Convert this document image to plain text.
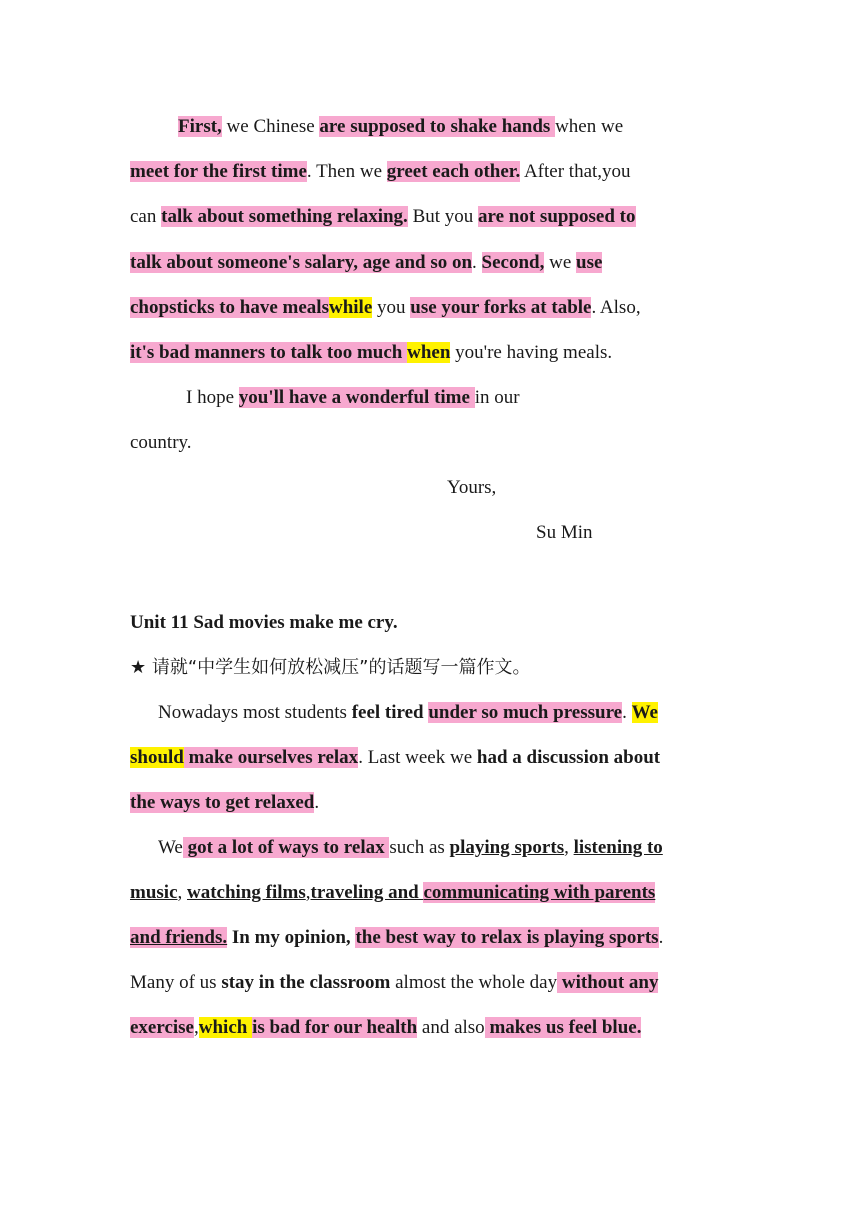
First, we Chinese are supposed to shake hands when we
meet for the first time. Then we greet each other. After that,you
can talk about something relaxing. But you are not supposed to
talk about someone's salary, age and so on. Second, we use
chopsticks to have mealswhile you use your forks at table. Also,
it's bad manners to talk too much when you're having meals.
I hope you'll have a wonderful time in our
country.
Yours,
Su Min
Unit 11 Sad movies make me cry.
★ 请就“中学生如何放松减压”的话题写一篇作文。
Nowadays most students feel tired under so much pressure. We
should make ourselves relax. Last week we had a discussion about
the ways to get relaxed.
We got a lot of ways to relax such as playing sports, listening to
music, watching films,traveling and communicating with parents
and friends. In my opinion, the best way to relax is playing sports.
Many of us stay in the classroom almost the whole day without any
exercise,which is bad for our health and also makes us feel blue.
